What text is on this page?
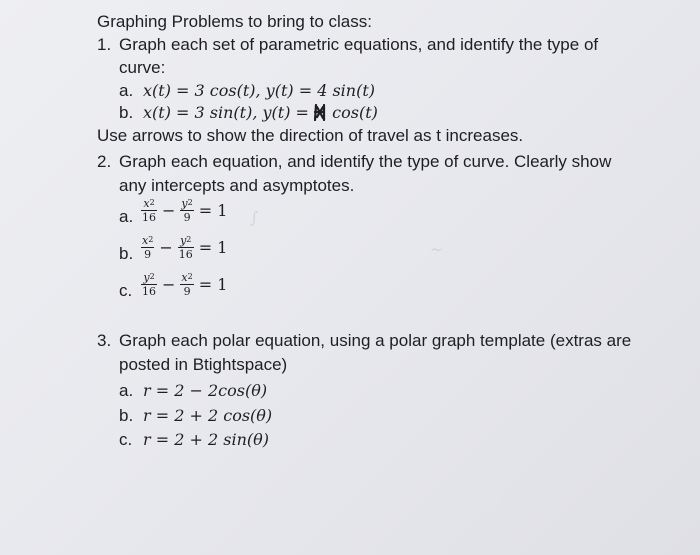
∫
~
Graphing Problems to bring to class:
1. Graph each set of parametric equations, and identify the type of
curve:
a. x(t) = 3 cos(t), y(t) = 4 sin(t)
b. x(t) = 3 sin(t), y(t) = cos(t)
Use arrows to show the direction of travel as t increases.
2. Graph each equation, and identify the type of curve. Clearly show
any intercepts and asymptotes.
a. $\frac{x^2}{16} - \frac{y^2}{9} = 1$
b. $\frac{x^2}{9} - \frac{y^2}{16} = 1$
c. $\frac{y^2}{16} - \frac{x^2}{9} = 1$
3. Graph each polar equation, using a polar graph template (extras are
posted in Btightspace)
a. r = 2 − 2cos(θ)
b. r = 2 + 2 cos(θ)
c. r = 2 + 2 sin(θ)
